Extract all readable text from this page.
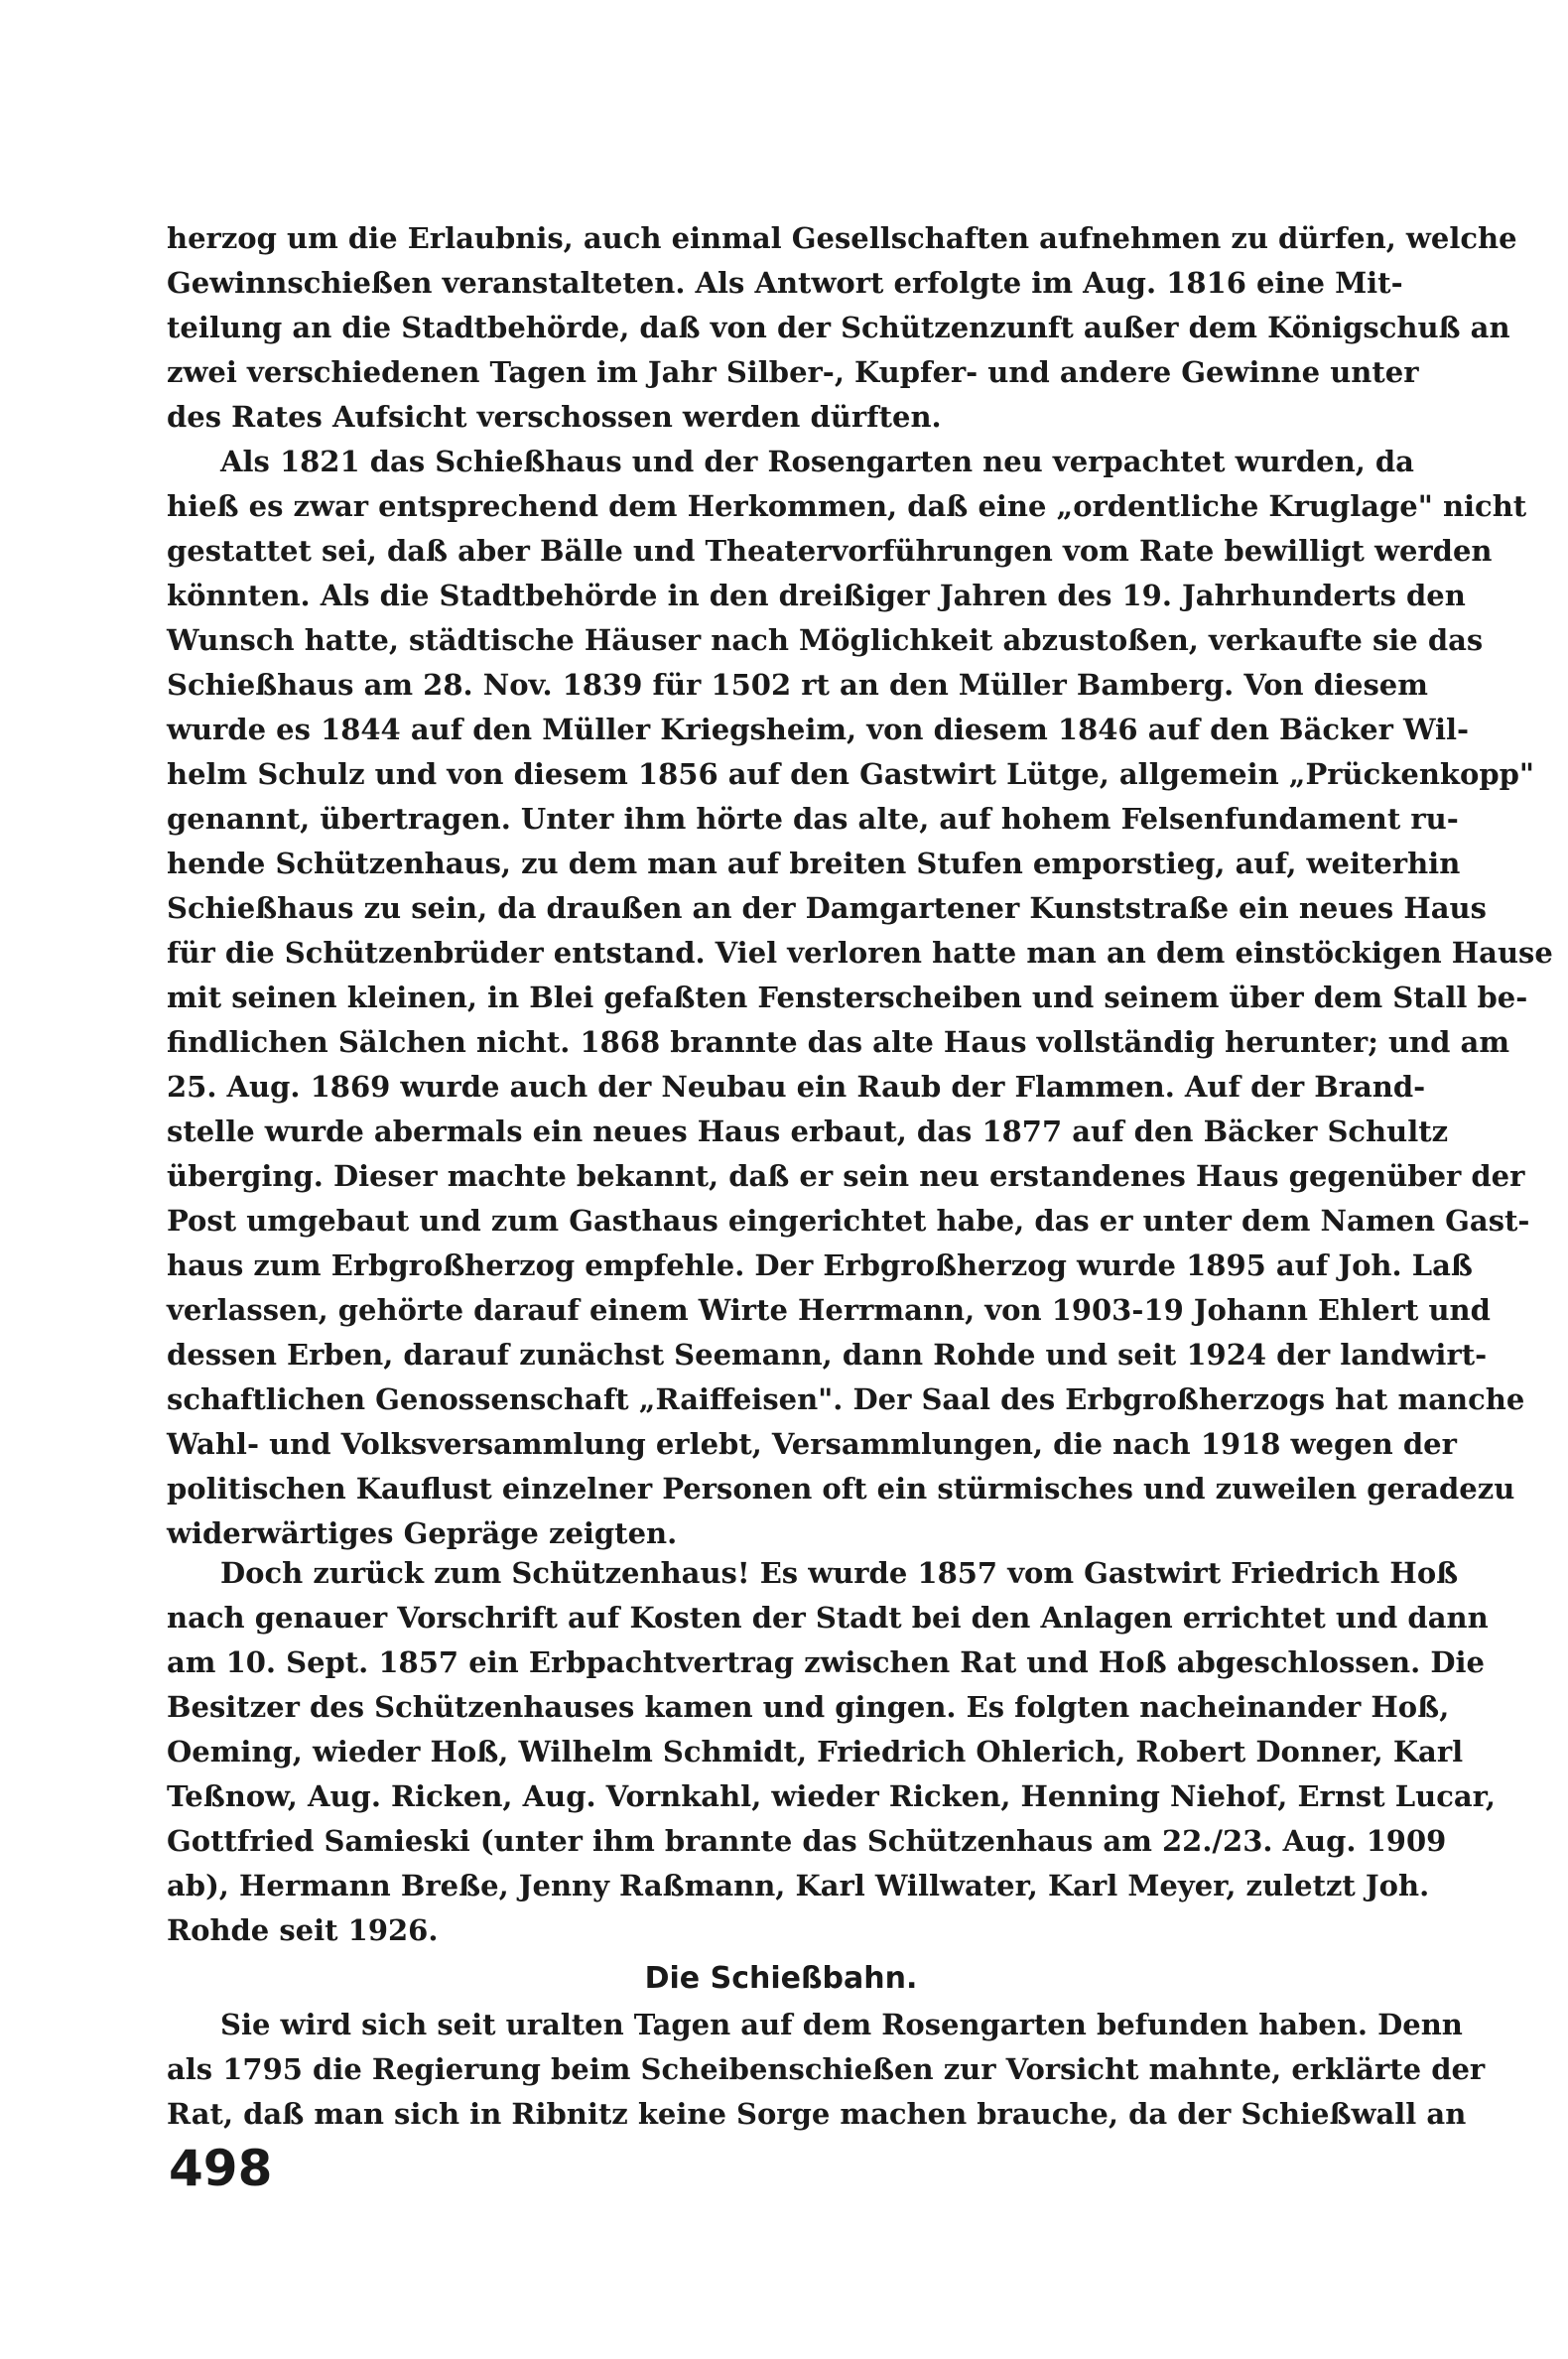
herzog um die Erlaubnis, auch einmal Gesellschaften aufnehmen zu dürfen, welche
Gewinnschießen veranstalteten. Als Antwort erfolgte im Aug. 1816 eine Mit-
teilung an die Stadtbehörde, daß von der Schützenzunft außer dem Königschuß an
zwei verschiedenen Tagen im Jahr Silber-, Kupfer- und andere Gewinne unter
des Rates Aufsicht verschossen werden dürften.
Als 1821 das Schießhaus und der Rosengarten neu verpachtet wurden, da
hieß es zwar entsprechend dem Herkommen, daß eine „ordentliche Kruglage" nicht
gestattet sei, daß aber Bälle und Theatervorführungen vom Rate bewilligt werden
könnten. Als die Stadtbehörde in den dreißiger Jahren des 19. Jahrhunderts den
Wunsch hatte, städtische Häuser nach Möglichkeit abzustoßen, verkaufte sie das
Schießhaus am 28. Nov. 1839 für 1502 rt an den Müller Bamberg. Von diesem
wurde es 1844 auf den Müller Kriegsheim, von diesem 1846 auf den Bäcker Wil-
helm Schulz und von diesem 1856 auf den Gastwirt Lütge, allgemein „Prückenkopp"
genannt, übertragen. Unter ihm hörte das alte, auf hohem Felsenfundament ru-
hende Schützenhaus, zu dem man auf breiten Stufen emporstieg, auf, weiterhin
Schießhaus zu sein, da draußen an der Damgartener Kunststraße ein neues Haus
für die Schützenbrüder entstand. Viel verloren hatte man an dem einstöckigen Hause
mit seinen kleinen, in Blei gefaßten Fensterscheiben und seinem über dem Stall be-
findlichen Sälchen nicht. 1868 brannte das alte Haus vollständig herunter; und am
25. Aug. 1869 wurde auch der Neubau ein Raub der Flammen. Auf der Brand-
stelle wurde abermals ein neues Haus erbaut, das 1877 auf den Bäcker Schultz
überging. Dieser machte bekannt, daß er sein neu erstandenes Haus gegenüber der
Post umgebaut und zum Gasthaus eingerichtet habe, das er unter dem Namen Gast-
haus zum Erbgroßherzog empfehle. Der Erbgroßherzog wurde 1895 auf Joh. Laß
verlassen, gehörte darauf einem Wirte Herrmann, von 1903-19 Johann Ehlert und
dessen Erben, darauf zunächst Seemann, dann Rohde und seit 1924 der landwirt-
schaftlichen Genossenschaft „Raiffeisen". Der Saal des Erbgroßherzogs hat manche
Wahl- und Volksversammlung erlebt, Versammlungen, die nach 1918 wegen der
politischen Kauflust einzelner Personen oft ein stürmisches und zuweilen geradezu
widerwärtiges Gepräge zeigten.
Doch zurück zum Schützenhaus! Es wurde 1857 vom Gastwirt Friedrich Hoß
nach genauer Vorschrift auf Kosten der Stadt bei den Anlagen errichtet und dann
am 10. Sept. 1857 ein Erbpachtvertrag zwischen Rat und Hoß abgeschlossen. Die
Besitzer des Schützenhauses kamen und gingen. Es folgten nacheinander Hoß,
Oeming, wieder Hoß, Wilhelm Schmidt, Friedrich Ohlerich, Robert Donner, Karl
Teßnow, Aug. Ricken, Aug. Vornkahl, wieder Ricken, Henning Niehof, Ernst Lucar,
Gottfried Samieski (unter ihm brannte das Schützenhaus am 22./23. Aug. 1909
ab), Hermann Breße, Jenny Raßmann, Karl Willwater, Karl Meyer, zuletzt Joh.
Rohde seit 1926.
Die Schießbahn.
Sie wird sich seit uralten Tagen auf dem Rosengarten befunden haben. Denn
als 1795 die Regierung beim Scheibenschießen zur Vorsicht mahnte, erklärte der
Rat, daß man sich in Ribnitz keine Sorge machen brauche, da der Schießwall an
498
